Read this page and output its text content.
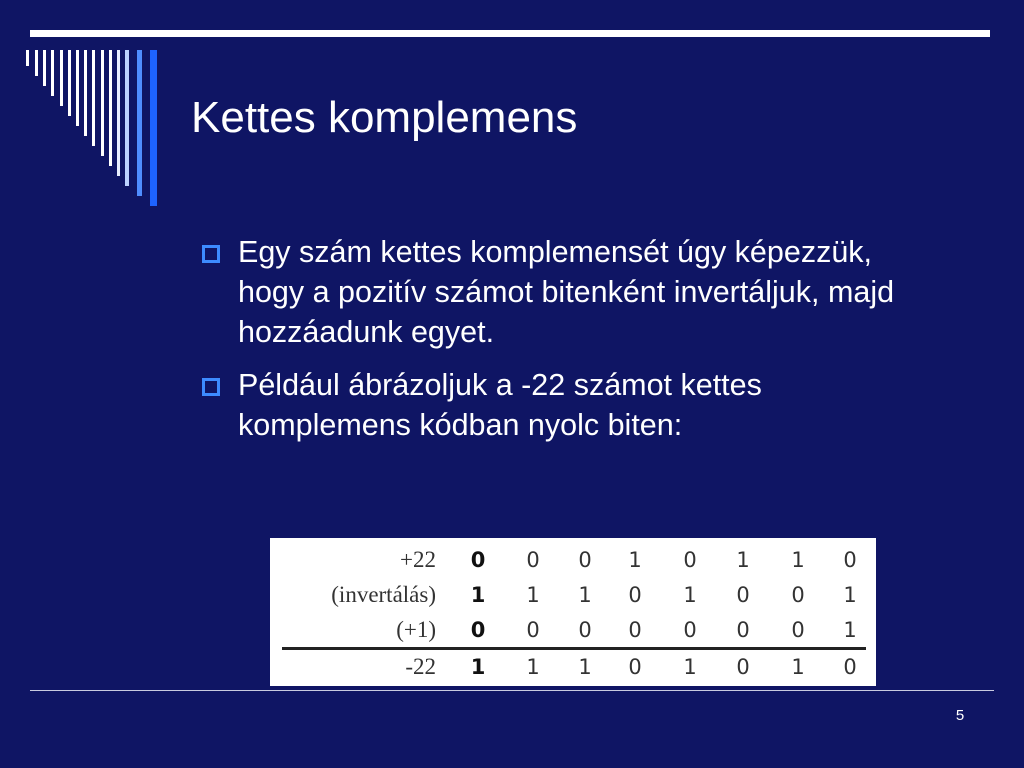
Kettes komplemens
Egy szám kettes komplemensét úgy képezzük, hogy a pozitív számot bitenként invertáljuk, majd hozzáadunk egyet.
Például ábrázoljuk a -22 számot kettes komplemens kódban nyolc biten:
+22 0 0 0 1 0 1 1 0
(invertálás) 1 1 1 0 1 0 0 1
(+1) 0 0 0 0 0 0 0 1
-22 1 1 1 0 1 0 1 0
5
